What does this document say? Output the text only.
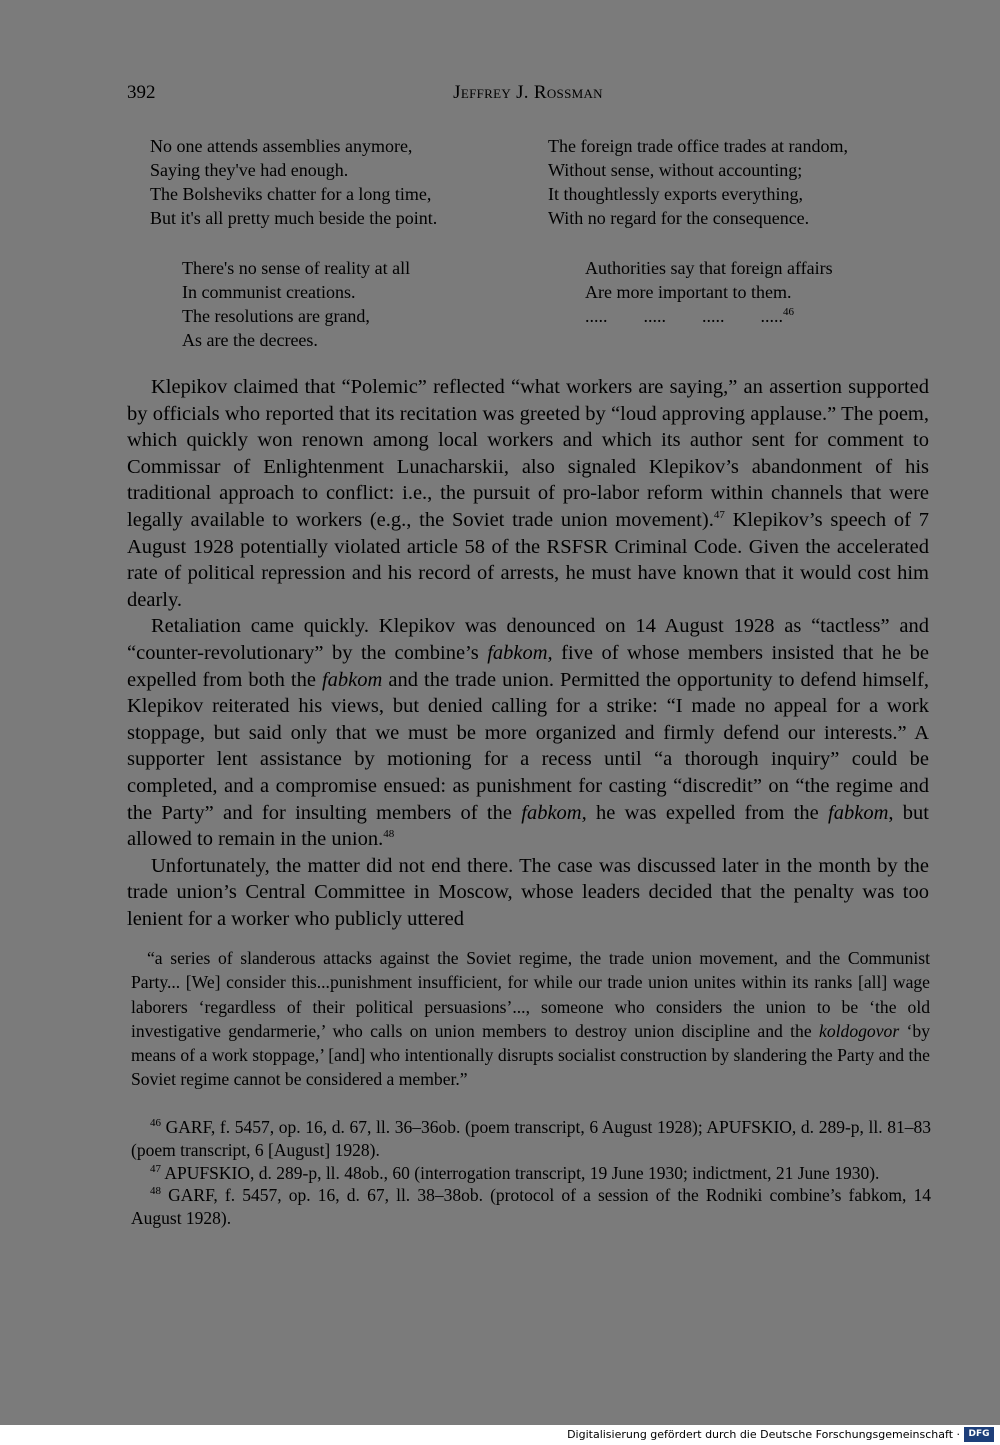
392	Jeffrey J. Rossman
No one attends assemblies anymore,
Saying they've had enough.
The Bolsheviks chatter for a long time,
But it's all pretty much beside the point.
The foreign trade office trades at random,
Without sense, without accounting;
It thoughtlessly exports everything,
With no regard for the consequence.
There's no sense of reality at all
In communist creations.
The resolutions are grand,
As are the decrees.
Authorities say that foreign affairs
Are more important to them.
.....        .....        .....        .....$^{46}$

Klepikov claimed that “Polemic” reflected “what workers are saying,” an assertion supported by officials who reported that its recitation was greeted by “loud approving applause.” The poem, which quickly won renown among local workers and which its author sent for comment to Commissar of Enlightenment Lunacharskii, also signaled Klepikov’s abandonment of his traditional approach to conflict: i.e., the pursuit of pro-labor reform within channels that were legally available to workers (e.g., the Soviet trade union movement).$^{47}$ Klepikov’s speech of 7 August 1928 potentially violated article 58 of the RSFSR Criminal Code. Given the accelerated rate of political repression and his record of arrests, he must have known that it would cost him dearly.

Retaliation came quickly. Klepikov was denounced on 14 August 1928 as “tactless” and “counter-revolutionary” by the combine’s fabkom, five of whose members insisted that he be expelled from both the fabkom and the trade union. Permitted the opportunity to defend himself, Klepikov reiterated his views, but denied calling for a strike: “I made no appeal for a work stoppage, but said only that we must be more organized and firmly defend our interests.” A supporter lent assistance by motioning for a recess until “a thorough inquiry” could be completed, and a compromise ensued: as punishment for casting “discredit” on “the regime and the Party” and for insulting members of the fabkom, he was expelled from the fabkom, but allowed to remain in the union.$^{48}$

Unfortunately, the matter did not end there. The case was discussed later in the month by the trade union’s Central Committee in Moscow, whose leaders decided that the penalty was too lenient for a worker who publicly uttered

“a series of slanderous attacks against the Soviet regime, the trade union movement, and the Communist Party... [We] consider this...punishment insufficient, for while our trade union unites within its ranks [all] wage laborers ‘regardless of their political persuasions’..., someone who considers the union to be ‘the old investigative gendarmerie,’ who calls on union members to destroy union discipline and the koldogovor ‘by means of a work stoppage,’ [and] who intentionally disrupts socialist construction by slandering the Party and the Soviet regime cannot be considered a member.”

$^{46}$ GARF, f. 5457, op. 16, d. 67, ll. 36–36ob. (poem transcript, 6 August 1928); APUFSKIO, d. 289-p, ll. 81–83 (poem transcript, 6 [August] 1928).

$^{47}$ APUFSKIO, d. 289-p, ll. 48ob., 60 (interrogation transcript, 19 June 1930; indictment, 21 June 1930).

$^{48}$ GARF, f. 5457, op. 16, d. 67, ll. 38–38ob. (protocol of a session of the Rodniki combine’s fabkom, 14 August 1928).

Digitalisierung gefördert durch die Deutsche Forschungsgemeinschaft · DFG
